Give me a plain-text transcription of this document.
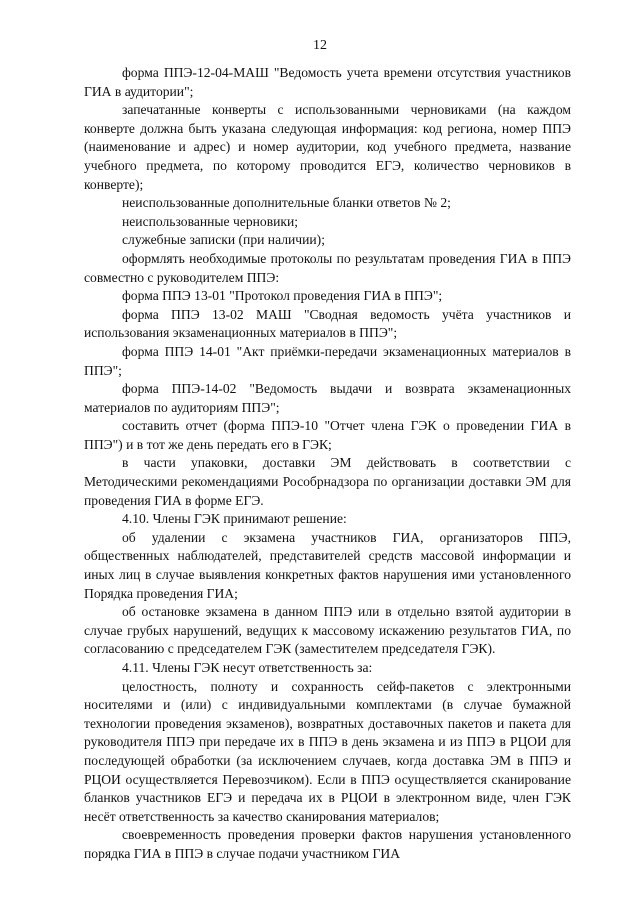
12

форма ППЭ-12-04-МАШ "Ведомость учета времени отсутствия участников ГИА в аудитории";

запечатанные конверты с использованными черновиками (на каждом конверте должна быть указана следующая информация: код региона, номер ППЭ (наименование и адрес) и номер аудитории, код учебного предмета, название учебного предмета, по которому проводится ЕГЭ, количество черновиков в конверте);

неиспользованные дополнительные бланки ответов № 2;

неиспользованные черновики;

служебные записки (при наличии);

оформлять необходимые протоколы по результатам проведения ГИА в ППЭ совместно с руководителем ППЭ:

форма ППЭ 13-01 "Протокол проведения ГИА в ППЭ";

форма ППЭ 13-02 МАШ "Сводная ведомость учёта участников и использования экзаменационных материалов в ППЭ";

форма ППЭ 14-01 "Акт приёмки-передачи экзаменационных материалов в ППЭ";

форма ППЭ-14-02 "Ведомость выдачи и возврата экзаменационных материалов по аудиториям ППЭ";

составить отчет (форма ППЭ-10 "Отчет члена ГЭК о проведении ГИА в ППЭ") и в тот же день передать его в ГЭК;

в части упаковки, доставки ЭМ действовать в соответствии с Методическими рекомендациями Рособрнадзора по организации доставки ЭМ для проведения ГИА в форме ЕГЭ.

4.10. Члены ГЭК принимают решение:

об удалении с экзамена участников ГИА, организаторов ППЭ, общественных наблюдателей, представителей средств массовой информации и иных лиц в случае выявления конкретных фактов нарушения ими установленного Порядка проведения ГИА;

об остановке экзамена в данном ППЭ или в отдельно взятой аудитории в случае грубых нарушений, ведущих к массовому искажению результатов ГИА, по согласованию с председателем ГЭК (заместителем председателя ГЭК).

4.11. Члены ГЭК несут ответственность за:

целостность, полноту и сохранность сейф-пакетов с электронными носителями и (или) с индивидуальными комплектами (в случае бумажной технологии проведения экзаменов), возвратных доставочных пакетов и пакета для руководителя ППЭ при передаче их в ППЭ в день экзамена и из ППЭ в РЦОИ для последующей обработки (за исключением случаев, когда доставка ЭМ в ППЭ и РЦОИ осуществляется Перевозчиком). Если в ППЭ осуществляется сканирование бланков участников ЕГЭ и передача их в РЦОИ в электронном виде, член ГЭК несёт ответственность за качество сканирования материалов;

своевременность проведения проверки фактов нарушения установленного порядка ГИА в ППЭ в случае подачи участником ГИА
